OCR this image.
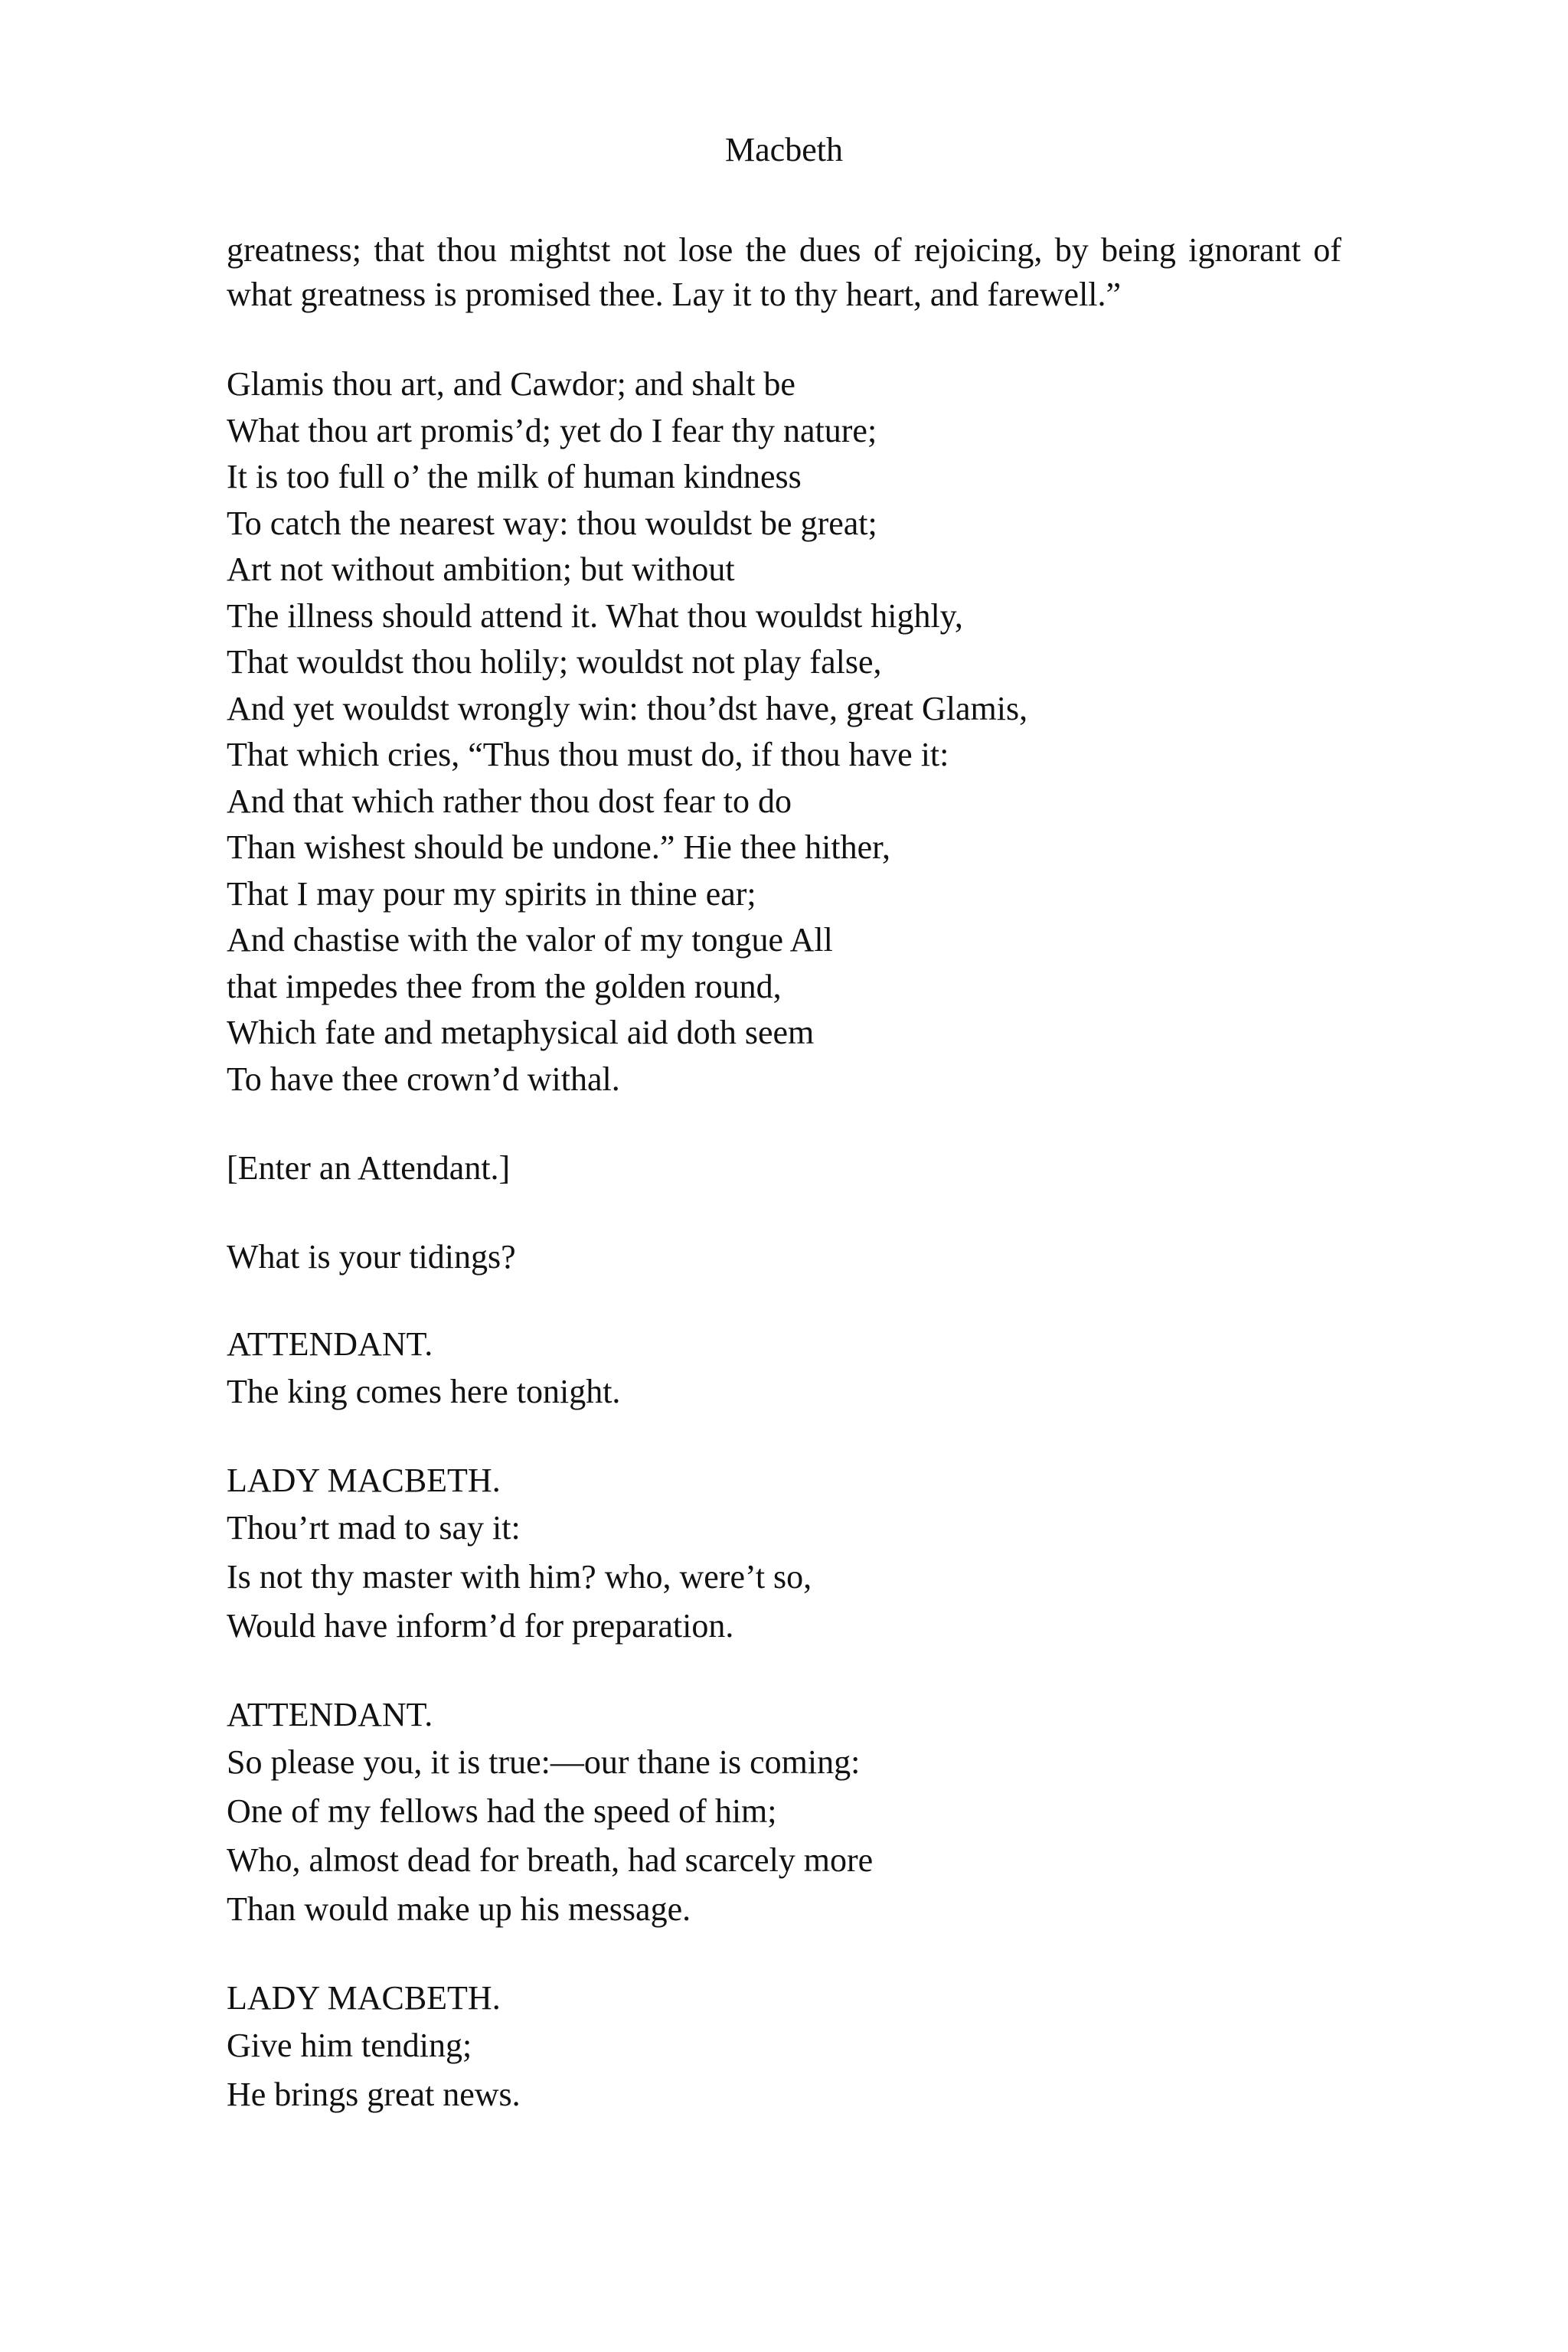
Macbeth

greatness; that thou mightst not lose the dues of rejoicing, by being ignorant of what greatness is promised thee. Lay it to thy heart, and farewell.”

Glamis thou art, and Cawdor; and shalt be
What thou art promis’d; yet do I fear thy nature;
It is too full o’ the milk of human kindness
To catch the nearest way: thou wouldst be great;
Art not without ambition; but without
The illness should attend it. What thou wouldst highly,
That wouldst thou holily; wouldst not play false,
And yet wouldst wrongly win: thou’dst have, great Glamis,
That which cries, “Thus thou must do, if thou have it:
And that which rather thou dost fear to do
Than wishest should be undone.” Hie thee hither,
That I may pour my spirits in thine ear;
And chastise with the valor of my tongue All
that impedes thee from the golden round,
Which fate and metaphysical aid doth seem
To have thee crown’d withal.
[Enter an Attendant.]
What is your tidings?
ATTENDANT.
The king comes here tonight.
LADY MACBETH.
Thou’rt mad to say it:
Is not thy master with him? who, were’t so,
Would have inform’d for preparation.
ATTENDANT.
So please you, it is true:—our thane is coming:
One of my fellows had the speed of him;
Who, almost dead for breath, had scarcely more
Than would make up his message.
LADY MACBETH.
Give him tending;
He brings great news.
